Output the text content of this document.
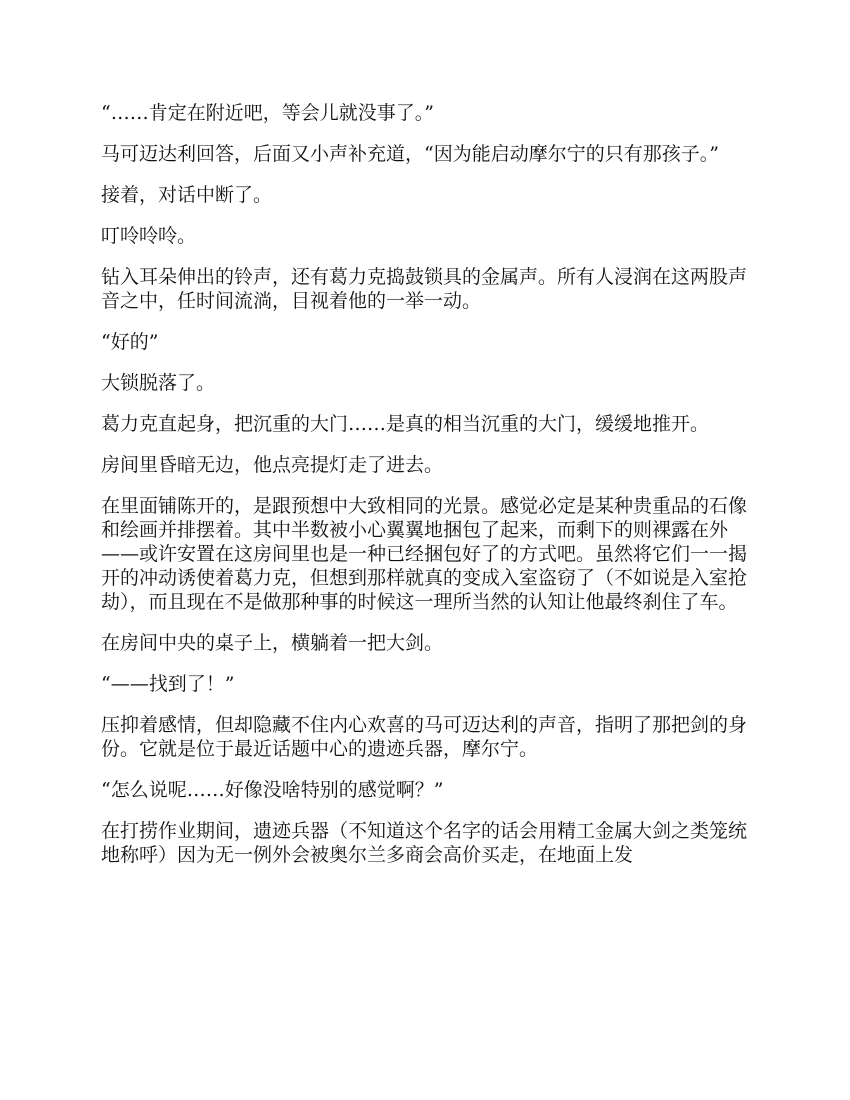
“……肯定在附近吧，等会儿就没事了。”

马可迈达利回答，后面又小声补充道，“因为能启动摩尔宁的只有那孩子。”

接着，对话中断了。

叮呤呤呤。

钻入耳朵伸出的铃声，还有葛力克捣鼓锁具的金属声。所有人浸润在这两股声音之中，任时间流淌，目视着他的一举一动。

“好的”

大锁脱落了。

葛力克直起身，把沉重的大门……是真的相当沉重的大门，缓缓地推开。

房间里昏暗无边，他点亮提灯走了进去。

在里面铺陈开的，是跟预想中大致相同的光景。感觉必定是某种贵重品的石像和绘画并排摆着。其中半数被小心翼翼地捆包了起来，而剩下的则裸露在外——或许安置在这房间里也是一种已经捆包好了的方式吧。虽然将它们一一揭开的冲动诱使着葛力克，但想到那样就真的变成入室盗窃了（不如说是入室抢劫），而且现在不是做那种事的时候这一理所当然的认知让他最终刹住了车。

在房间中央的桌子上，横躺着一把大剑。

“——找到了！”

压抑着感情，但却隐藏不住内心欢喜的马可迈达利的声音，指明了那把剑的身份。它就是位于最近话题中心的遗迹兵器，摩尔宁。

“怎么说呢……好像没啥特别的感觉啊？”

在打捞作业期间，遗迹兵器（不知道这个名字的话会用精工金属大剑之类笼统地称呼）因为无一例外会被奥尔兰多商会高价买走，在地面上发
